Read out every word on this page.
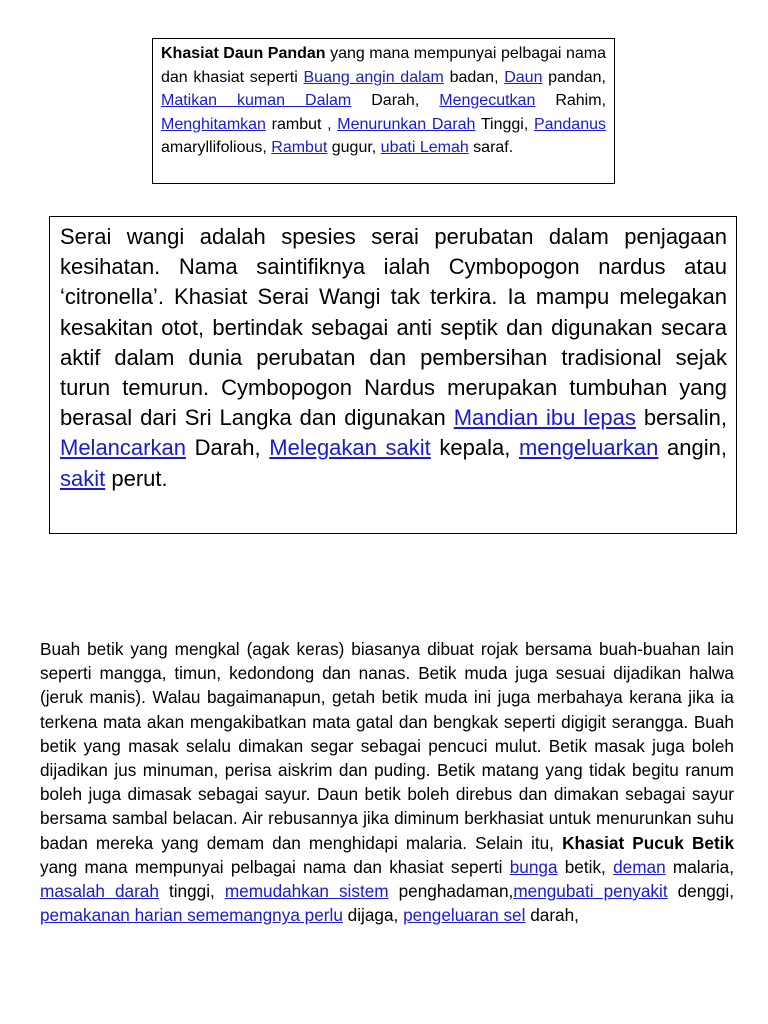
Khasiat Daun Pandan yang mana mempunyai pelbagai nama dan khasiat seperti Buang angin dalam badan, Daun pandan, Matikan kuman Dalam Darah, Mengecutkan Rahim, Menghitamkan rambut , Menurunkan Darah Tinggi, Pandanus amaryllifolious, Rambut gugur, ubati Lemah saraf.
Serai wangi adalah spesies serai perubatan dalam penjagaan kesihatan. Nama saintifiknya ialah Cymbopogon nardus atau ‘citronella’. Khasiat Serai Wangi tak terkira. Ia mampu melegakan kesakitan otot, bertindak sebagai anti septik dan digunakan secara aktif dalam dunia perubatan dan pembersihan tradisional sejak turun temurun. Cymbopogon Nardus merupakan tumbuhan yang berasal dari Sri Langka dan digunakan Mandian ibu lepas bersalin, Melancarkan Darah, Melegakan sakit kepala, mengeluarkan angin, sakit perut.
Buah betik yang mengkal (agak keras) biasanya dibuat rojak bersama buah-buahan lain seperti mangga, timun, kedondong dan nanas. Betik muda juga sesuai dijadikan halwa (jeruk manis). Walau bagaimanapun, getah betik muda ini juga merbahaya kerana jika ia terkena mata akan mengakibatkan mata gatal dan bengkak seperti digigit serangga. Buah betik yang masak selalu dimakan segar sebagai pencuci mulut. Betik masak juga boleh dijadikan jus minuman, perisa aiskrim dan puding. Betik matang yang tidak begitu ranum boleh juga dimasak sebagai sayur. Daun betik boleh direbus dan dimakan sebagai sayur bersama sambal belacan. Air rebusannya jika diminum berkhasiat untuk menurunkan suhu badan mereka yang demam dan menghidapi malaria. Selain itu, Khasiat Pucuk Betik yang mana mempunyai pelbagai nama dan khasiat seperti bunga betik, deman malaria, masalah darah tinggi, memudahkan sistem penghadaman,mengubati penyakit denggi, pemakanan harian sememangnya perlu dijaga, pengeluaran sel darah,
